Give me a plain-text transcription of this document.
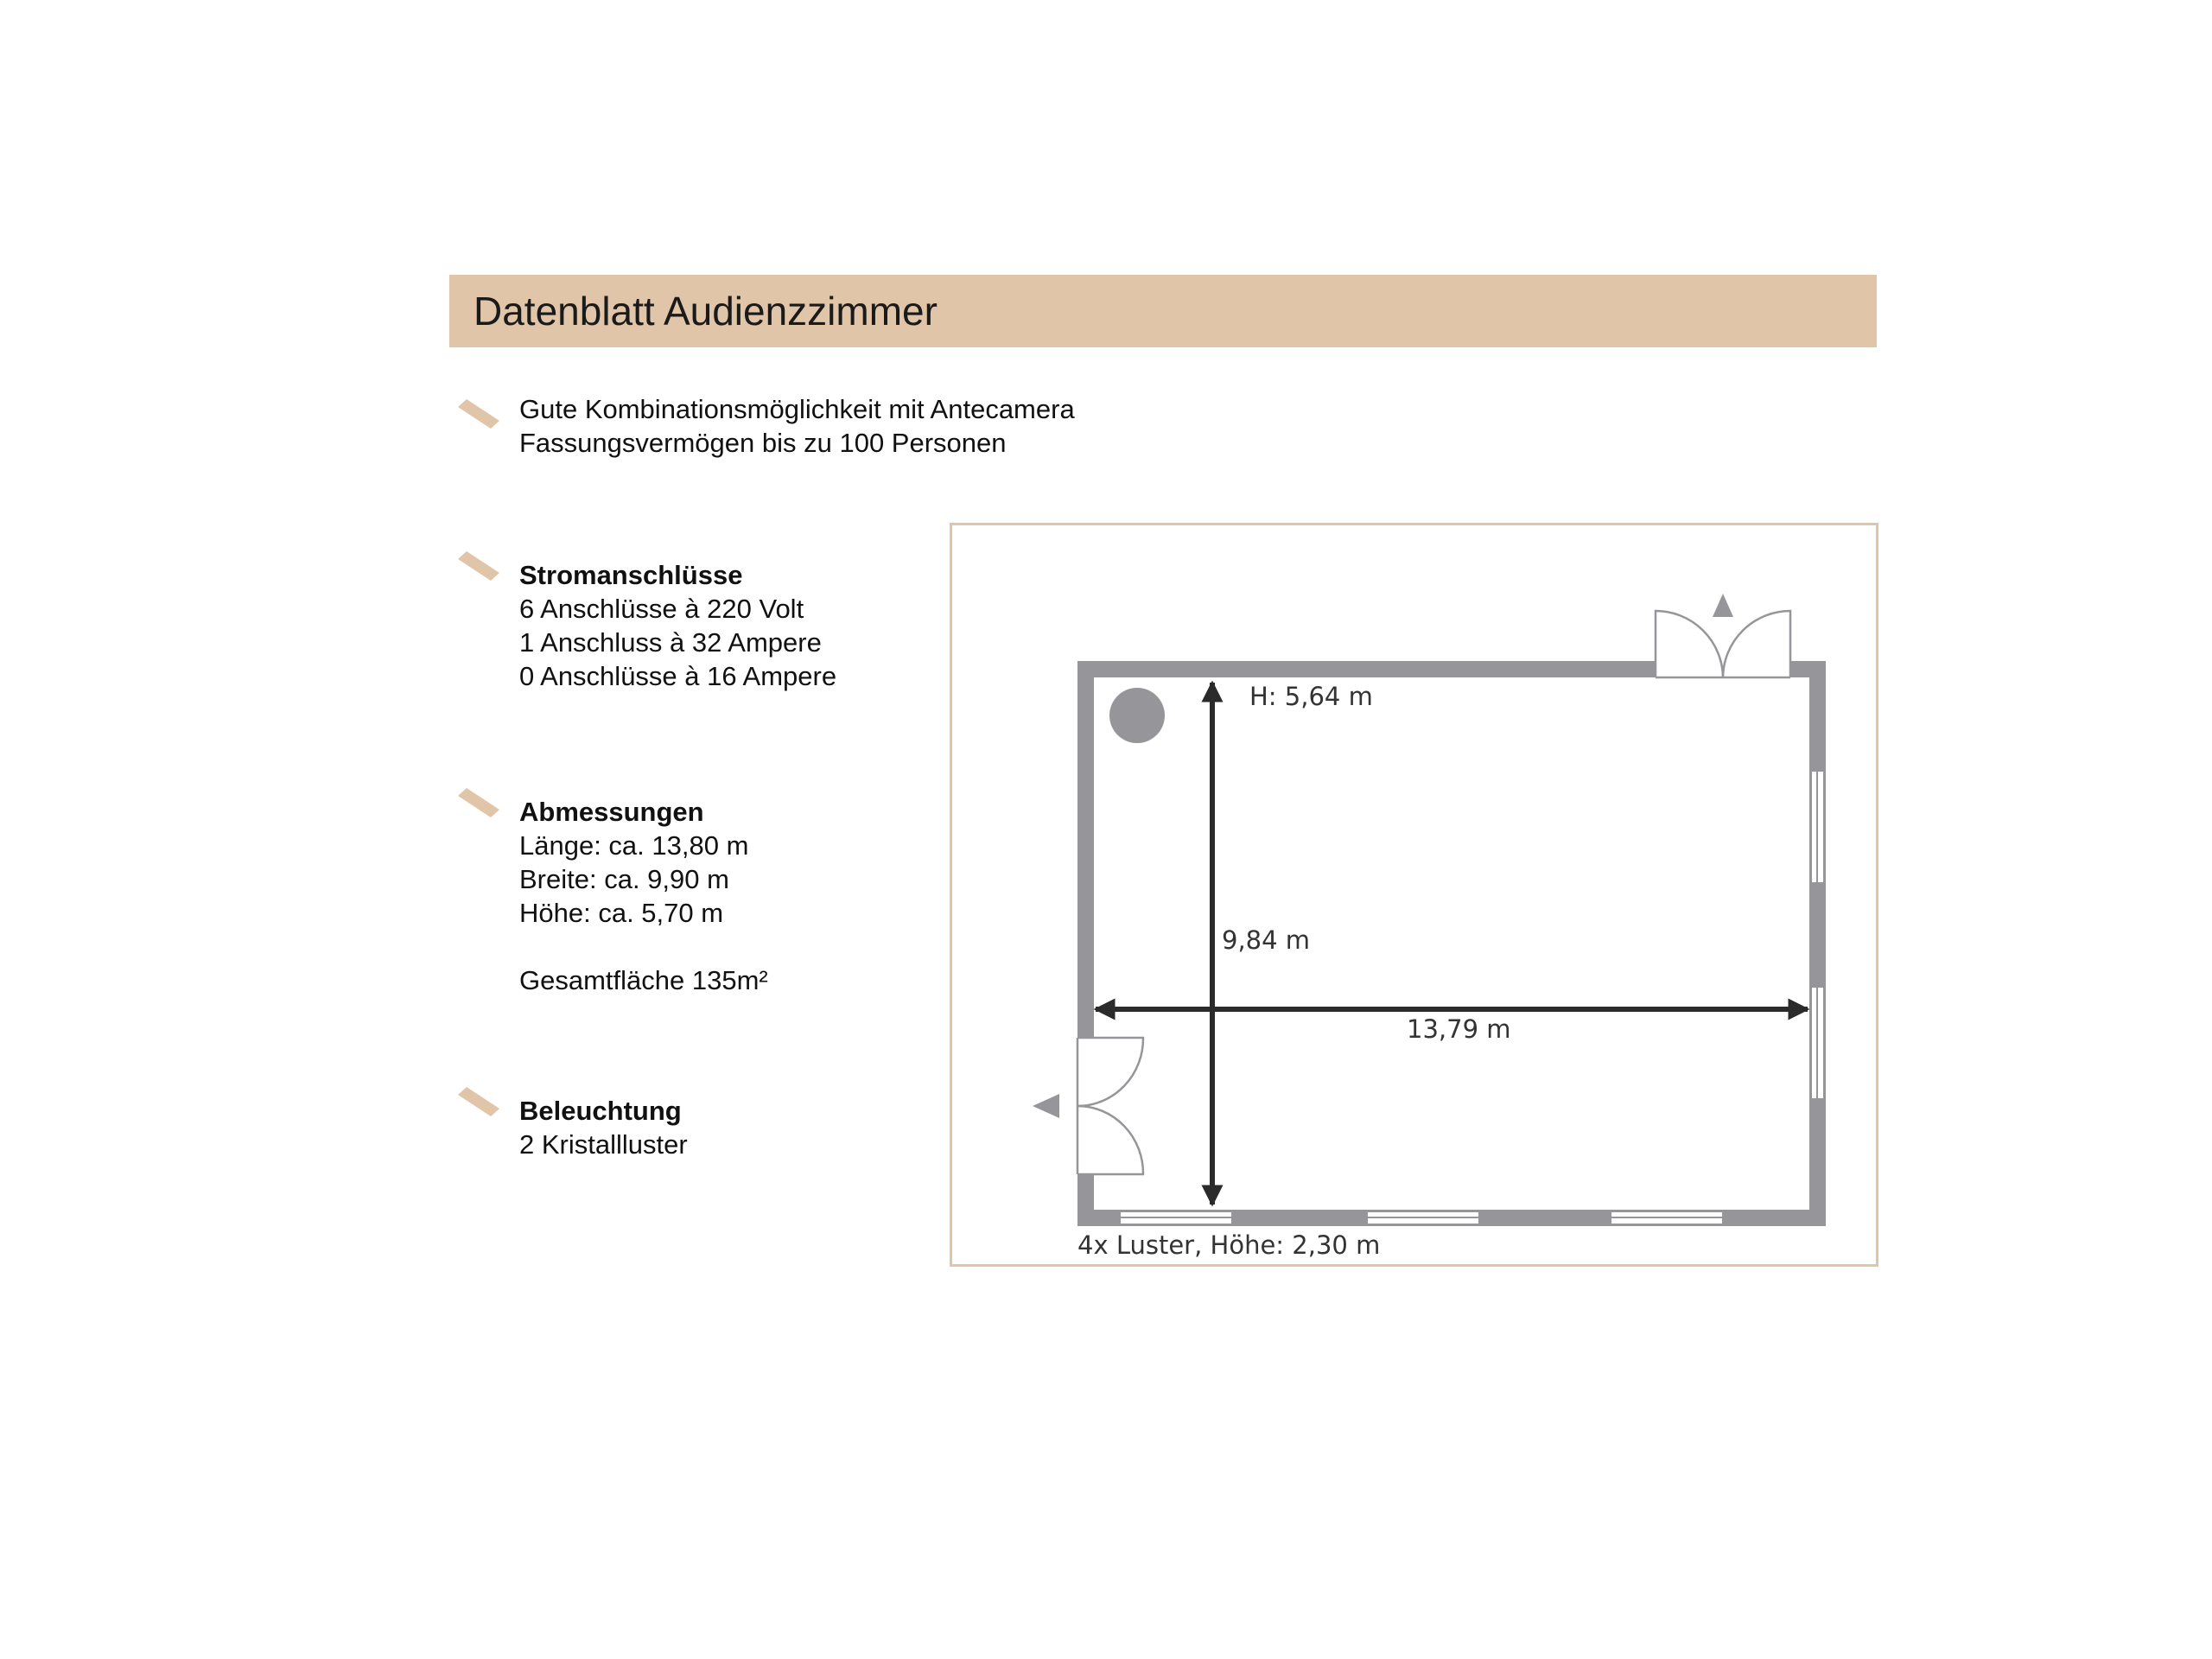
Datenblatt Audienzzimmer
Gute Kombinationsmöglichkeit mit Antecamera
Fassungsvermögen bis zu 100 Personen
Stromanschlüsse
6 Anschlüsse à 220 Volt
1 Anschluss à 32 Ampere
0 Anschlüsse à 16 Ampere
Abmessungen
Länge: ca. 13,80 m
Breite: ca. 9,90 m
Höhe: ca. 5,70 m
Gesamtfläche 135m²
Beleuchtung
2 Kristallluster
H: 5,64 m
9,84 m
13,79 m
4x Luster, Höhe: 2,30 m
